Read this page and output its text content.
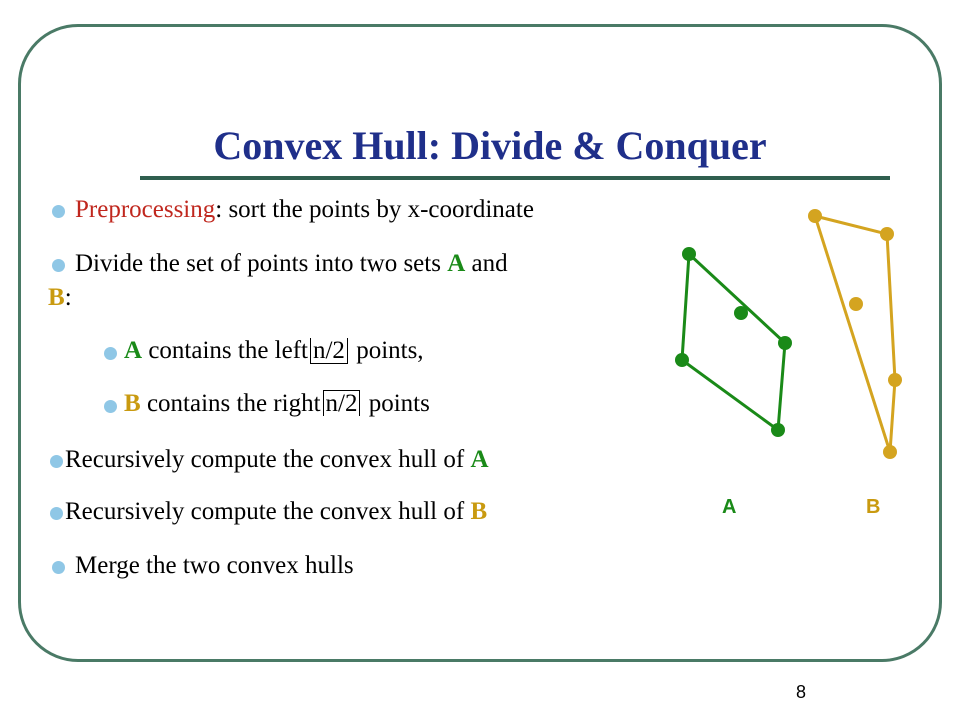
Convex Hull: Divide & Conquer
Preprocessing: sort the points by x-coordinate
Divide the set of points into two sets A and
B:
A contains the left n/2 points,
B contains the right n/2 points
Recursively compute the convex hull of A
Recursively compute the convex hull of B
Merge the two convex hulls
A	B
8
